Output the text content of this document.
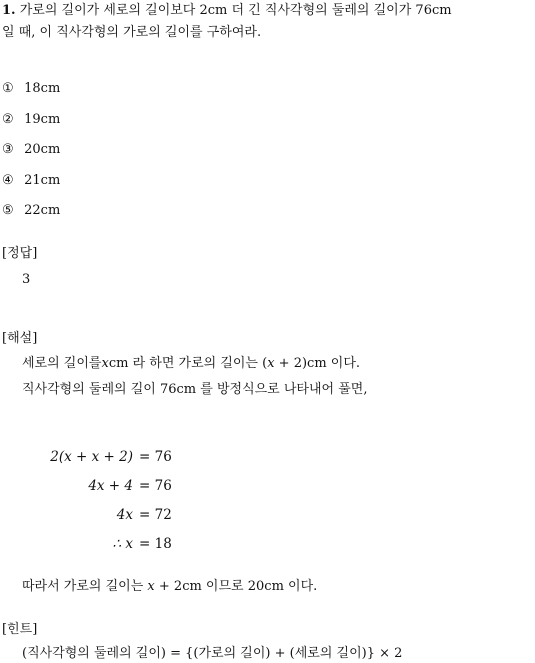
1. 가로의 길이가 세로의 길이보다 2cm 더 긴 직사각형의 둘레의 길이가 76cm
일 때, 이 직사각형의 가로의 길이를 구하여라.
① 18cm
② 19cm
③ 20cm
④ 21cm
⑤ 22cm
[정답]
3
[해설]
세로의 길이를xcm 라 하면 가로의 길이는 (x + 2)cm 이다.
직사각형의 둘레의 길이 76cm 를 방정식으로 나타내어 풀면,
2(x + x + 2) = 76
4x + 4 = 76
4x = 72
∴ x = 18
따라서 가로의 길이는 x + 2cm 이므로 20cm 이다.
[힌트]
(직사각형의 둘레의 길이) = {(가로의 길이) + (세로의 길이)} × 2
